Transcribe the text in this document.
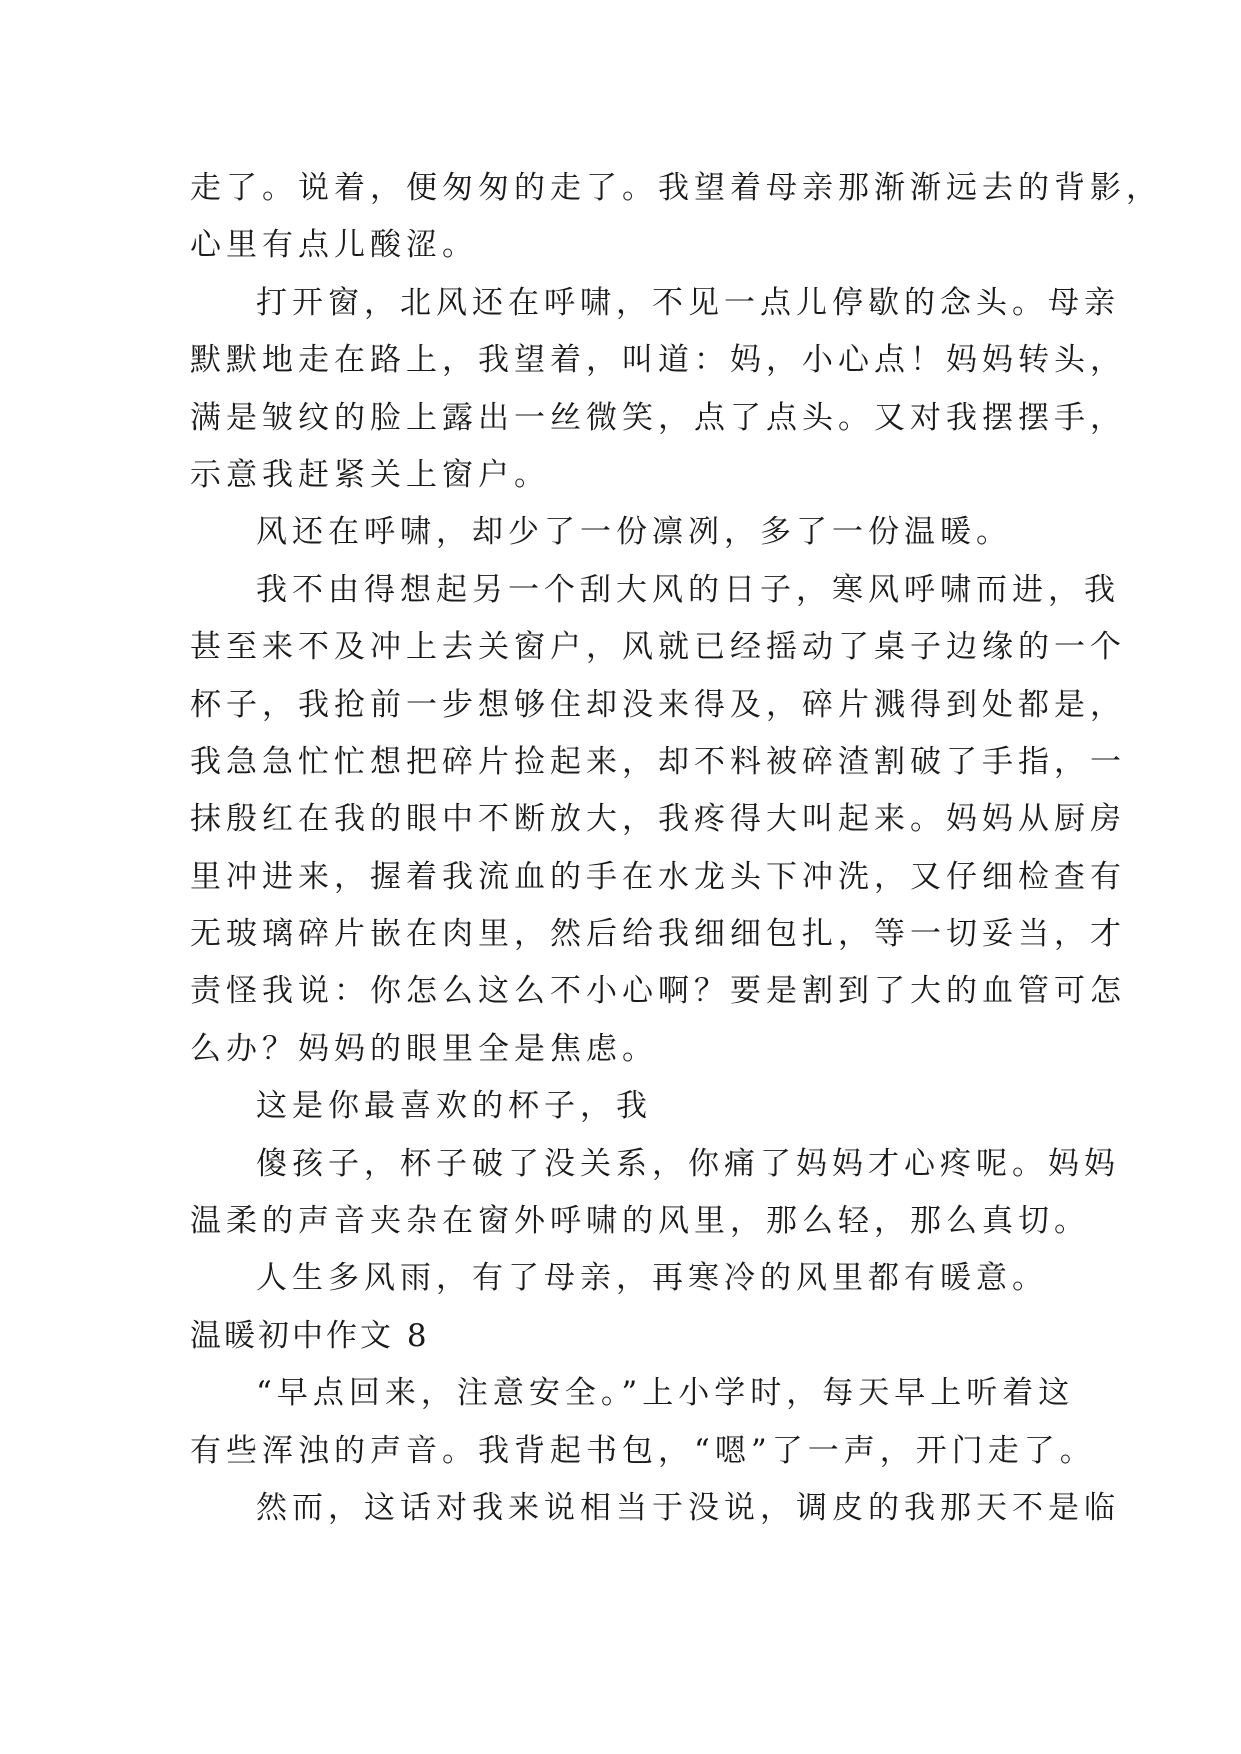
走了。说着，便匆匆的走了。我望着母亲那渐渐远去的背影，
心里有点儿酸涩。
打开窗，北风还在呼啸，不见一点儿停歇的念头。母亲
默默地走在路上，我望着，叫道：妈，小心点！妈妈转头，
满是皱纹的脸上露出一丝微笑，点了点头。又对我摆摆手，
示意我赶紧关上窗户。
风还在呼啸，却少了一份凛冽，多了一份温暖。
我不由得想起另一个刮大风的日子，寒风呼啸而进，我
甚至来不及冲上去关窗户，风就已经摇动了桌子边缘的一个
杯子，我抢前一步想够住却没来得及，碎片溅得到处都是，
我急急忙忙想把碎片捡起来，却不料被碎渣割破了手指，一
抹殷红在我的眼中不断放大，我疼得大叫起来。妈妈从厨房
里冲进来，握着我流血的手在水龙头下冲洗，又仔细检查有
无玻璃碎片嵌在肉里，然后给我细细包扎，等一切妥当，才
责怪我说：你怎么这么不小心啊？要是割到了大的血管可怎
么办？妈妈的眼里全是焦虑。
这是你最喜欢的杯子，我
傻孩子，杯子破了没关系，你痛了妈妈才心疼呢。妈妈
温柔的声音夹杂在窗外呼啸的风里，那么轻，那么真切。
人生多风雨，有了母亲，再寒冷的风里都有暖意。
温暖初中作文 8
“早点回来，注意安全。”上小学时，每天早上听着这
有些浑浊的声音。我背起书包，“嗯”了一声，开门走了。
然而，这话对我来说相当于没说，调皮的我那天不是临
